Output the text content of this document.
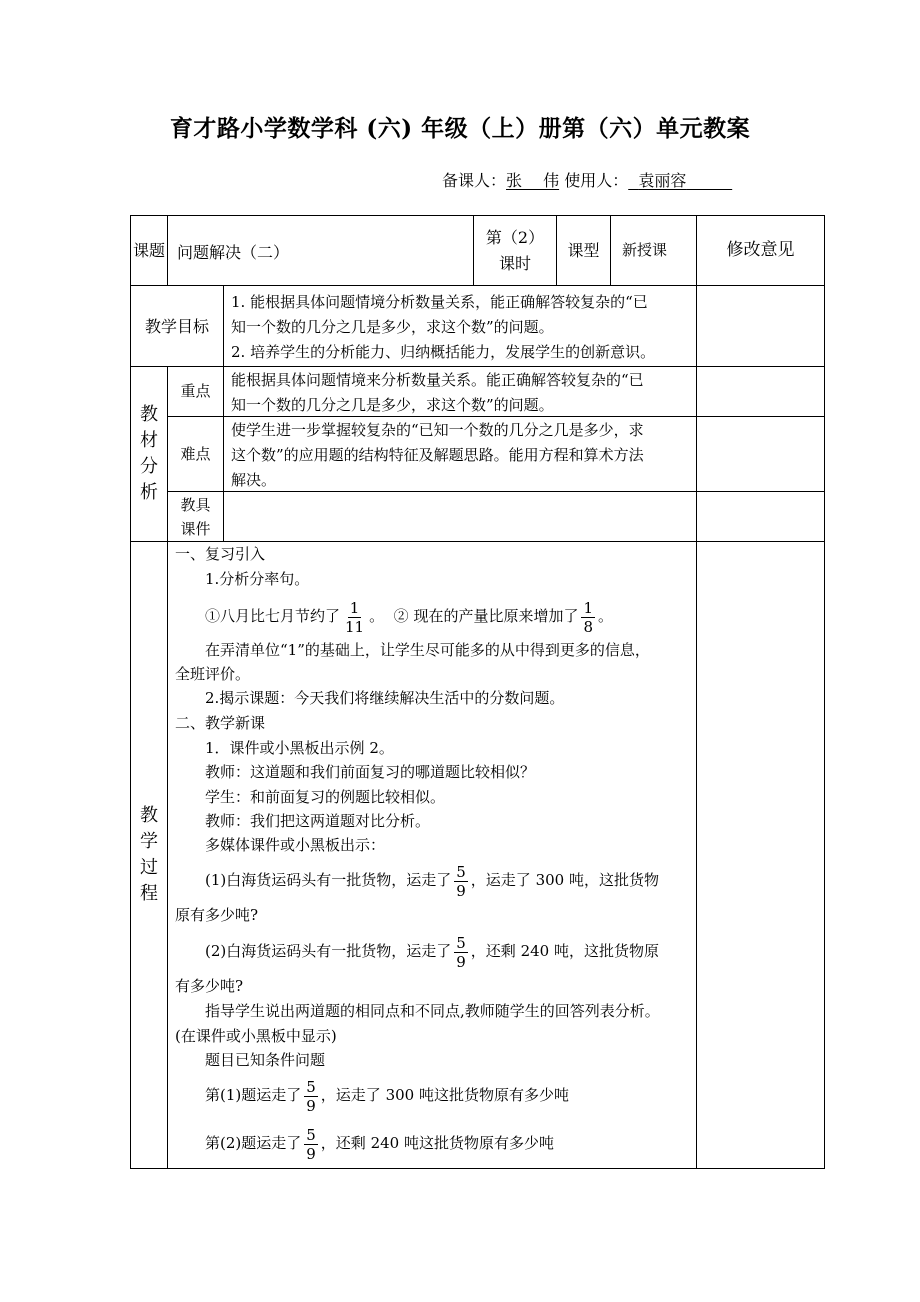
育才路小学数学科 (六) 年级（上）册第（六）单元教案
备课人：张　 伟 使用人： 袁丽容
课题 问题解决（二）
第（2）
课时
课型	新授课	修改意见
教学目标
1. 能根据具体问题情境分析数量关系，能正确解答较复杂的“已
知一个数的几分之几是多少，求这个数”的问题。
2. 培养学生的分析能力、归纳概括能力，发展学生的创新意识。
教
材
分
析
重点
能根据具体问题情境来分析数量关系。能正确解答较复杂的“已
知一个数的几分之几是多少，求这个数”的问题。
难点
使学生进一步掌握较复杂的“已知一个数的几分之几是多少，求
这个数”的应用题的结构特征及解题思路。能用方程和算术方法
解决。
教具
课件
教
学
过
程
一、复习引入
1.分析分率句。
①八月比七月节约了 $\frac{1}{11}$ 。 ② 现在的产量比原来增加了 $\frac{1}{8}$ 。
在弄清单位“1”的基础上，让学生尽可能多的从中得到更多的信息，
全班评价。
2.揭示课题：今天我们将继续解决生活中的分数问题。
二、教学新课
1．课件或小黑板出示例 2。
教师：这道题和我们前面复习的哪道题比较相似？
学生：和前面复习的例题比较相似。
教师：我们把这两道题对比分析。
多媒体课件或小黑板出示：
(1)白海货运码头有一批货物，运走了 $\frac{5}{9}$ ，运走了 300 吨，这批货物
原有多少吨?
(2)白海货运码头有一批货物，运走了 $\frac{5}{9}$ ，还剩 240 吨，这批货物原
有多少吨?
指导学生说出两道题的相同点和不同点,教师随学生的回答列表分析。
(在课件或小黑板中显示)
题目已知条件问题
第(1)题运走了 $\frac{5}{9}$ ，运走了 300 吨这批货物原有多少吨
第(2)题运走了 $\frac{5}{9}$ ，还剩 240 吨这批货物原有多少吨
